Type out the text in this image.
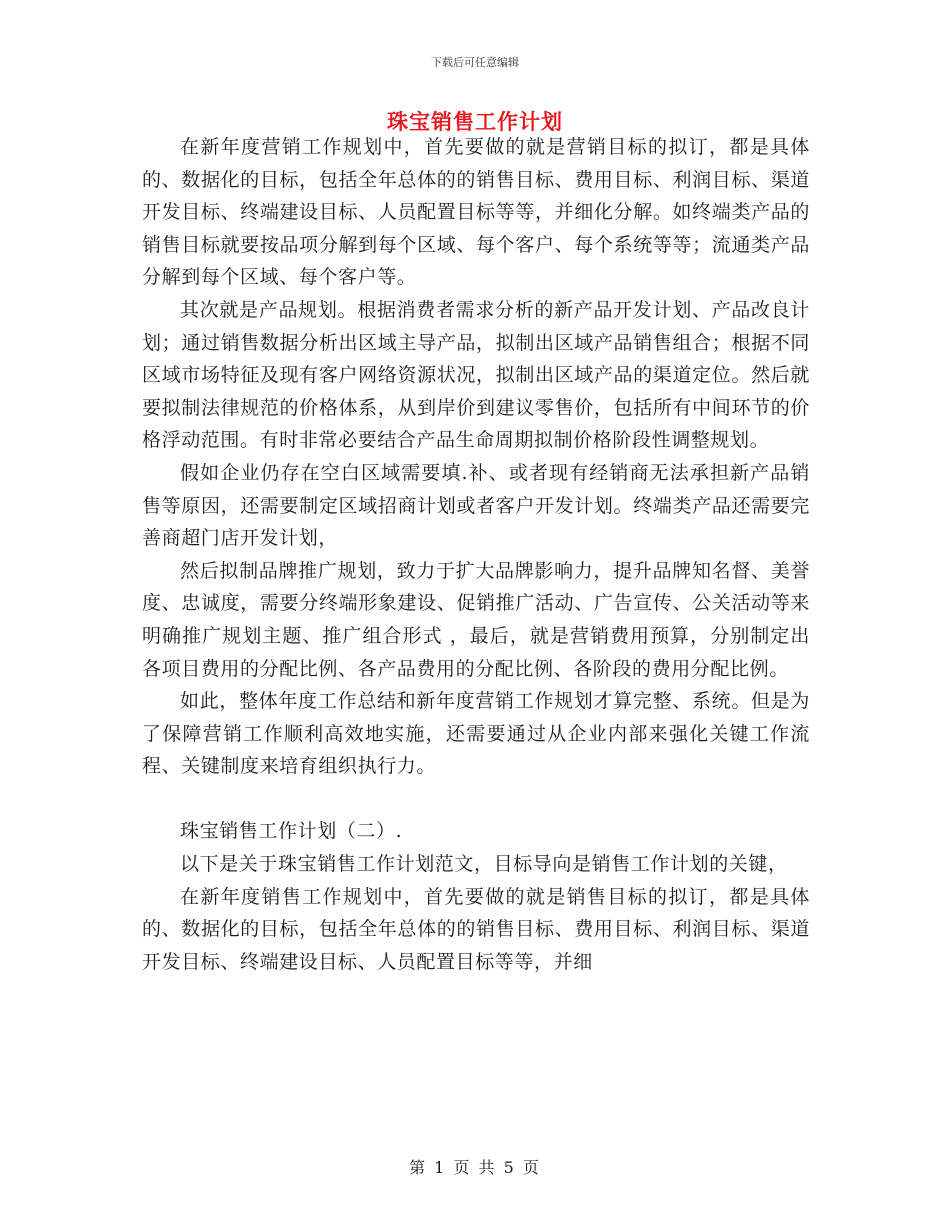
下载后可任意编辑
珠宝销售工作计划

在新年度营销工作规划中，首先要做的就是营销目标的拟订，都是具体的、数据化的目标，包括全年总体的的销售目标、费用目标、利润目标、渠道开发目标、终端建设目标、人员配置目标等等，并细化分解。如终端类产品的销售目标就要按品项分解到每个区域、每个客户、每个系统等等；流通类产品分解到每个区域、每个客户等。

其次就是产品规划。根据消费者需求分析的新产品开发计划、产品改良计划；通过销售数据分析出区域主导产品，拟制出区域产品销售组合；根据不同区域市场特征及现有客户网络资源状况，拟制出区域产品的渠道定位。然后就要拟制法律规范的价格体系，从到岸价到建议零售价，包括所有中间环节的价格浮动范围。有时非常必要结合产品生命周期拟制价格阶段性调整规划。

假如企业仍存在空白区域需要填.补、或者现有经销商无法承担新产品销售等原因，还需要制定区域招商计划或者客户开发计划。终端类产品还需要完善商超门店开发计划，

然后拟制品牌推广规划，致力于扩大品牌影响力，提升品牌知名督、美誉度、忠诚度，需要分终端形象建设、促销推广活动、广告宣传、公关活动等来明确推广规划主题、推广组合形式 ，最后，就是营销费用预算，分别制定出各项目费用的分配比例、各产品费用的分配比例、各阶段的费用分配比例。

如此，整体年度工作总结和新年度营销工作规划才算完整、系统。但是为了保障营销工作顺利高效地实施，还需要通过从企业内部来强化关键工作流程、关键制度来培育组织执行力。

珠宝销售工作计划（二）.

以下是关于珠宝销售工作计划范文，目标导向是销售工作计划的关键，

在新年度销售工作规划中，首先要做的就是销售目标的拟订，都是具体的、数据化的目标，包括全年总体的的销售目标、费用目标、利润目标、渠道开发目标、终端建设目标、人员配置目标等等，并细

第 1 页 共 5 页
